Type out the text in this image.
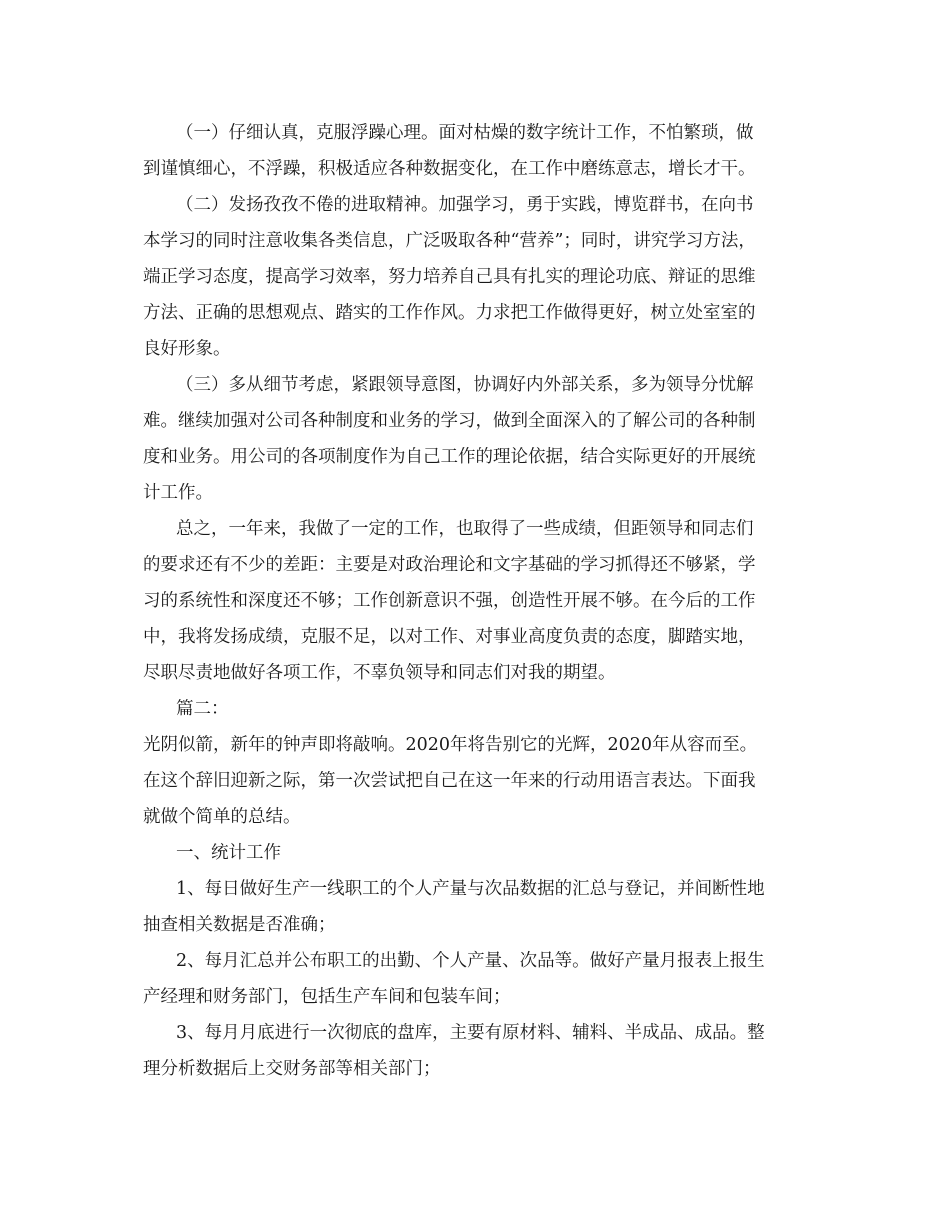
（一）仔细认真，克服浮躁心理。面对枯燥的数字统计工作，不怕繁琐，做
到谨慎细心，不浮躁，积极适应各种数据变化，在工作中磨练意志，增长才干。
（二）发扬孜孜不倦的进取精神。加强学习，勇于实践，博览群书，在向书
本学习的同时注意收集各类信息，广泛吸取各种“营养”；同时，讲究学习方法，
端正学习态度，提高学习效率，努力培养自己具有扎实的理论功底、辩证的思维
方法、正确的思想观点、踏实的工作作风。力求把工作做得更好，树立处室室的
良好形象。
（三）多从细节考虑，紧跟领导意图，协调好内外部关系，多为领导分忧解
难。继续加强对公司各种制度和业务的学习，做到全面深入的了解公司的各种制
度和业务。用公司的各项制度作为自己工作的理论依据，结合实际更好的开展统
计工作。
总之，一年来，我做了一定的工作，也取得了一些成绩，但距领导和同志们
的要求还有不少的差距：主要是对政治理论和文字基础的学习抓得还不够紧，学
习的系统性和深度还不够；工作创新意识不强，创造性开展不够。在今后的工作
中，我将发扬成绩，克服不足，以对工作、对事业高度负责的态度，脚踏实地，
尽职尽责地做好各项工作，不辜负领导和同志们对我的期望。
篇二：
光阴似箭，新年的钟声即将敲响。2020年将告别它的光辉，2020年从容而至。
在这个辞旧迎新之际，第一次尝试把自己在这一年来的行动用语言表达。下面我
就做个简单的总结。
一、统计工作
1、每日做好生产一线职工的个人产量与次品数据的汇总与登记，并间断性地
抽查相关数据是否准确；
2、每月汇总并公布职工的出勤、个人产量、次品等。做好产量月报表上报生
产经理和财务部门，包括生产车间和包装车间；
3、每月月底进行一次彻底的盘库，主要有原材料、辅料、半成品、成品。整
理分析数据后上交财务部等相关部门；
